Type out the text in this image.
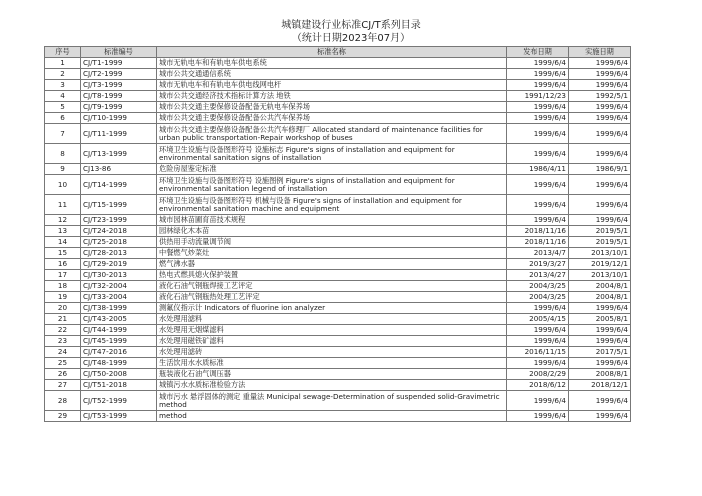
城镇建设行业标准CJ/T系列目录
（统计日期2023年07月）
序号	标准编号	标准名称	发布日期	实施日期
1	CJ/T1-1999	城市无轨电车和有轨电车供电系统	1999/6/4	1999/6/4
2	CJ/T2-1999	城市公共交通通信系统	1999/6/4	1999/6/4
3	CJ/T3-1999	城市无轨电车和有轨电车供电线网电杆	1999/6/4	1999/6/4
4	CJ/T8-1999	城市公共交通经济技术指标计算方法 地铁	1991/12/23	1992/5/1
5	CJ/T9-1999	城市公共交通主要保修设备配备无轨电车保养场	1999/6/4	1999/6/4
6	CJ/T10-1999	城市公共交通主要保修设备配备公共汽车保养场	1999/6/4	1999/6/4
7	CJ/T11-1999	城市公共交通主要保修设备配备公共汽车修理厂 Allocated standard of maintenance facilities for urban public transportation-Repair workshop of buses	1999/6/4	1999/6/4
8	CJ/T13-1999	环境卫生设施与设备图形符号 设施标志 Figure's signs of installation and equipment for environmental sanitation signs of installation	1999/6/4	1999/6/4
9	CJ13-86	危险房屋鉴定标准	1986/4/11	1986/9/1
10	CJ/T14-1999	环境卫生设施与设备图形符号 设施图例 Figure's signs of installation and equipment for environmental sanitation legend of installation	1999/6/4	1999/6/4
11	CJ/T15-1999	环境卫生设施与设备图形符号 机械与设备 Figure's signs of installation and equipment for environmental sanitation machine and equipment	1999/6/4	1999/6/4
12	CJ/T23-1999	城市园林苗圃育苗技术规程	1999/6/4	1999/6/4
13	CJ/T24-2018	园林绿化木本苗	2018/11/16	2019/5/1
14	CJ/T25-2018	供热用手动流量调节阀	2018/11/16	2019/5/1
15	CJ/T28-2013	中餐燃气炒菜灶	2013/4/7	2013/10/1
16	CJ/T29-2019	燃气沸水器	2019/3/27	2019/12/1
17	CJ/T30-2013	热电式燃具熄火保护装置	2013/4/27	2013/10/1
18	CJ/T32-2004	液化石油气钢瓶焊接工艺评定	2004/3/25	2004/8/1
19	CJ/T33-2004	液化石油气钢瓶热处理工艺评定	2004/3/25	2004/8/1
20	CJ/T38-1999	测氟仪指示计 Indicators of fluorine ion analyzer	1999/6/4	1999/6/4
21	CJ/T43-2005	水处理用滤料	2005/4/15	2005/8/1
22	CJ/T44-1999	水处理用无烟煤滤料	1999/6/4	1999/6/4
23	CJ/T45-1999	水处理用磁铁矿滤料	1999/6/4	1999/6/4
24	CJ/T47-2016	水处理用滤砖	2016/11/15	2017/5/1
25	CJ/T48-1999	生活饮用水水质标准	1999/6/4	1999/6/4
26	CJ/T50-2008	瓶装液化石油气调压器	2008/2/29	2008/8/1
27	CJ/T51-2018	城镇污水水质标准检验方法	2018/6/12	2018/12/1
28	CJ/T52-1999	城市污水 悬浮固体的测定 重量法 Municipal sewage-Determination of suspended solid-Gravimetric method	1999/6/4	1999/6/4
29	CJ/T53-1999	method	1999/6/4	1999/6/4
